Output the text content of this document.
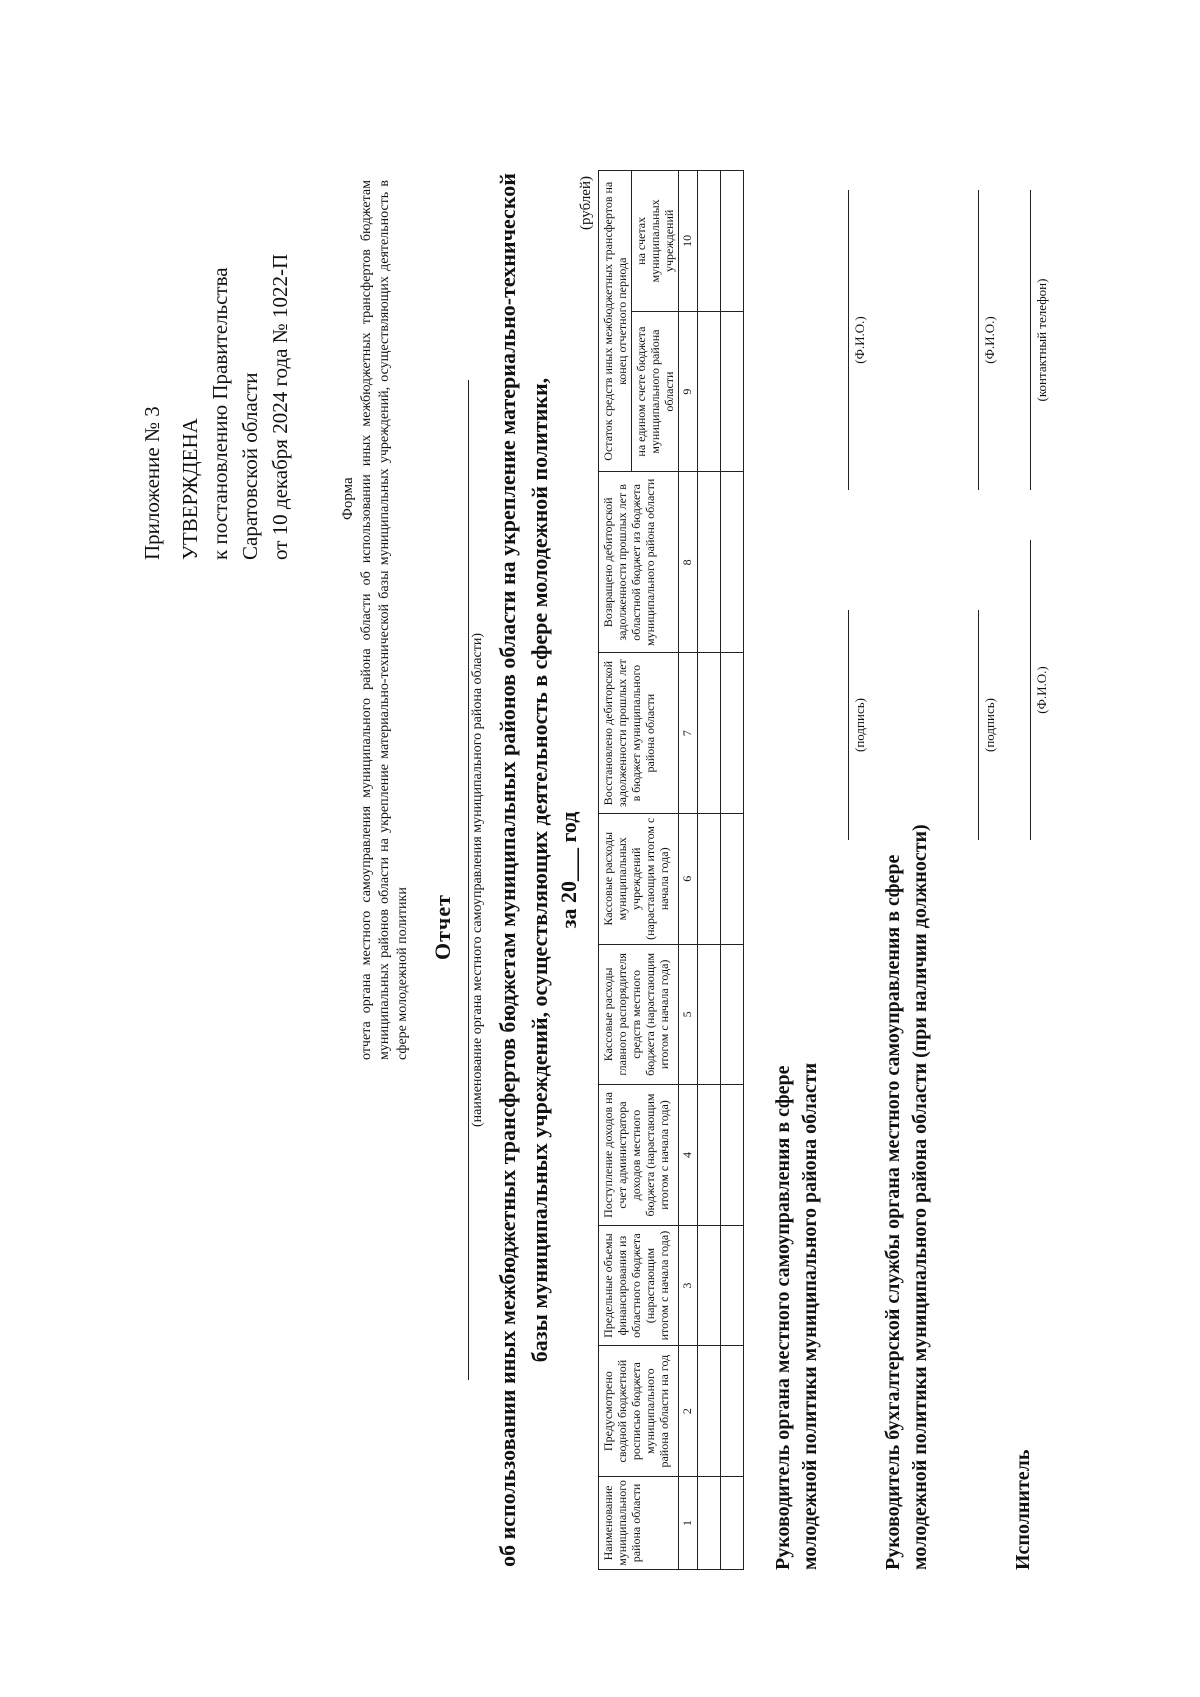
Приложение № 3 УТВЕРЖДЕНА к постановлению Правительства Саратовской области от 10 декабря 2024 года № 1022-П	Форма отчета органа местного самоуправления муниципального района области об использовании иных межбюджетных трансфертов бюджетам муниципальных районов области на укрепление материально-технической базы муниципальных учреждений, осуществляющих деятельность в сфере молодежной политики Отчет (наименование органа местного самоуправления муниципального района области) об использовании иных межбюджетных трансфертов бюджетам муниципальных районов области на укрепление материально-технической базы муниципальных учреждений, осуществляющих деятельность в сфере молодежной политики, за 20___ год
(рублей)
Наименование муниципального района области	Предусмотрено сводной бюджетной росписью бюджета муниципального района области на год	Предельные объемы финансирования из областного бюджета (нарастающим итогом с начала года)	Поступление доходов на счет администратора доходов местного бюджета (нарастающим итогом с начала года)	Кассовые расходы главного распорядителя средств местного бюджета (нарастающим итогом с начала года)	Кассовые расходы муниципальных учреждений (нарастающим итогом с начала года)	Восстановлено дебиторской задолженности прошлых лет в бюджет муниципального района области	Возвращено дебиторской задолженности прошлых лет в областной бюджет из бюджета муниципального района области	Остаток средств иных межбюджетных трансфертов на конец отчетного периода	
								на едином счете бюджета муниципального района области	на счетах муниципальных учреждений
1	2	3	4	5	6	7	8	9	10

Руководитель органа местного самоуправления в сфере молодежной политики муниципального района области
(подпись)
(Ф.И.О.)
Руководитель бухгалтерской службы органа местного самоуправления в сфере молодежной политики муниципального района области (при наличии должности)
(подпись)
(Ф.И.О.)
Исполнитель
(Ф.И.О.)
(контактный телефон)
